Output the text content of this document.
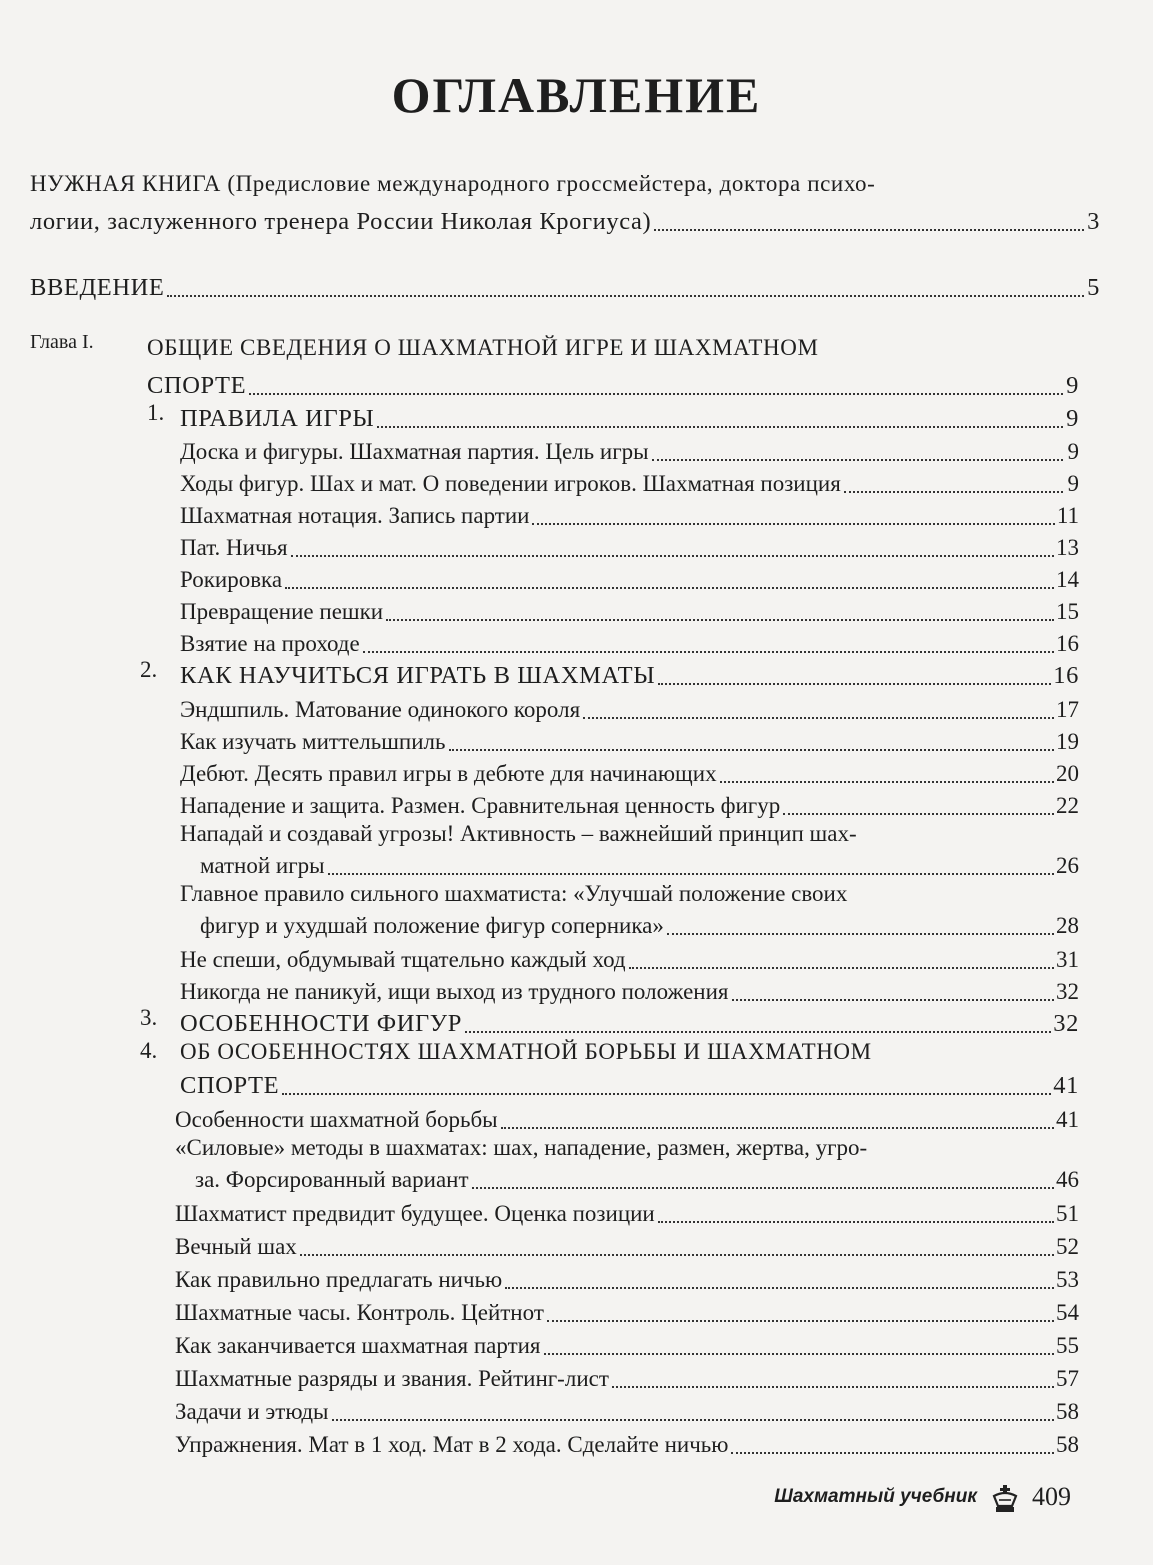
ОГЛАВЛЕНИЕ
НУЖНАЯ КНИГА (Предисловие международного гроссмейстера, доктора психо-
логии, заслуженного тренера России Николая Крогиуса)	3
ВВЕДЕНИЕ	5
Глава I. ОБЩИЕ СВЕДЕНИЯ О ШАХМАТНОЙ ИГРЕ И ШАХМАТНОМ
СПОРТЕ	9
1. ПРАВИЛА ИГРЫ	9
Доска и фигуры. Шахматная партия. Цель игры	9
Ходы фигур. Шах и мат. О поведении игроков. Шахматная позиция	9
Шахматная нотация. Запись партии	11
Пат. Ничья	13
Рокировка	14
Превращение пешки	15
Взятие на проходе	16
2. КАК НАУЧИТЬСЯ ИГРАТЬ В ШАХМАТЫ	16
Эндшпиль. Матование одинокого короля	17
Как изучать миттельшпиль	19
Дебют. Десять правил игры в дебюте для начинающих	20
Нападение и защита. Размен. Сравнительная ценность фигур	22
Нападай и создавай угрозы! Активность – важнейший принцип шах-
матной игры	26
Главное правило сильного шахматиста: «Улучшай положение своих
фигур и ухудшай положение фигур соперника»	28
Не спеши, обдумывай тщательно каждый ход	31
Никогда не паникуй, ищи выход из трудного положения	32
3. ОСОБЕННОСТИ ФИГУР	32
4. ОБ ОСОБЕННОСТЯХ ШАХМАТНОЙ БОРЬБЫ И ШАХМАТНОМ
СПОРТЕ	41
Особенности шахматной борьбы	41
«Силовые» методы в шахматах: шах, нападение, размен, жертва, угро-
за. Форсированный вариант	46
Шахматист предвидит будущее. Оценка позиции	51
Вечный шах	52
Как правильно предлагать ничью	53
Шахматные часы. Контроль. Цейтнот	54
Как заканчивается шахматная партия	55
Шахматные разряды и звания. Рейтинг-лист	57
Задачи и этюды	58
Упражнения. Мат в 1 ход. Мат в 2 хода. Сделайте ничью	58
Шахматный учебник 409
